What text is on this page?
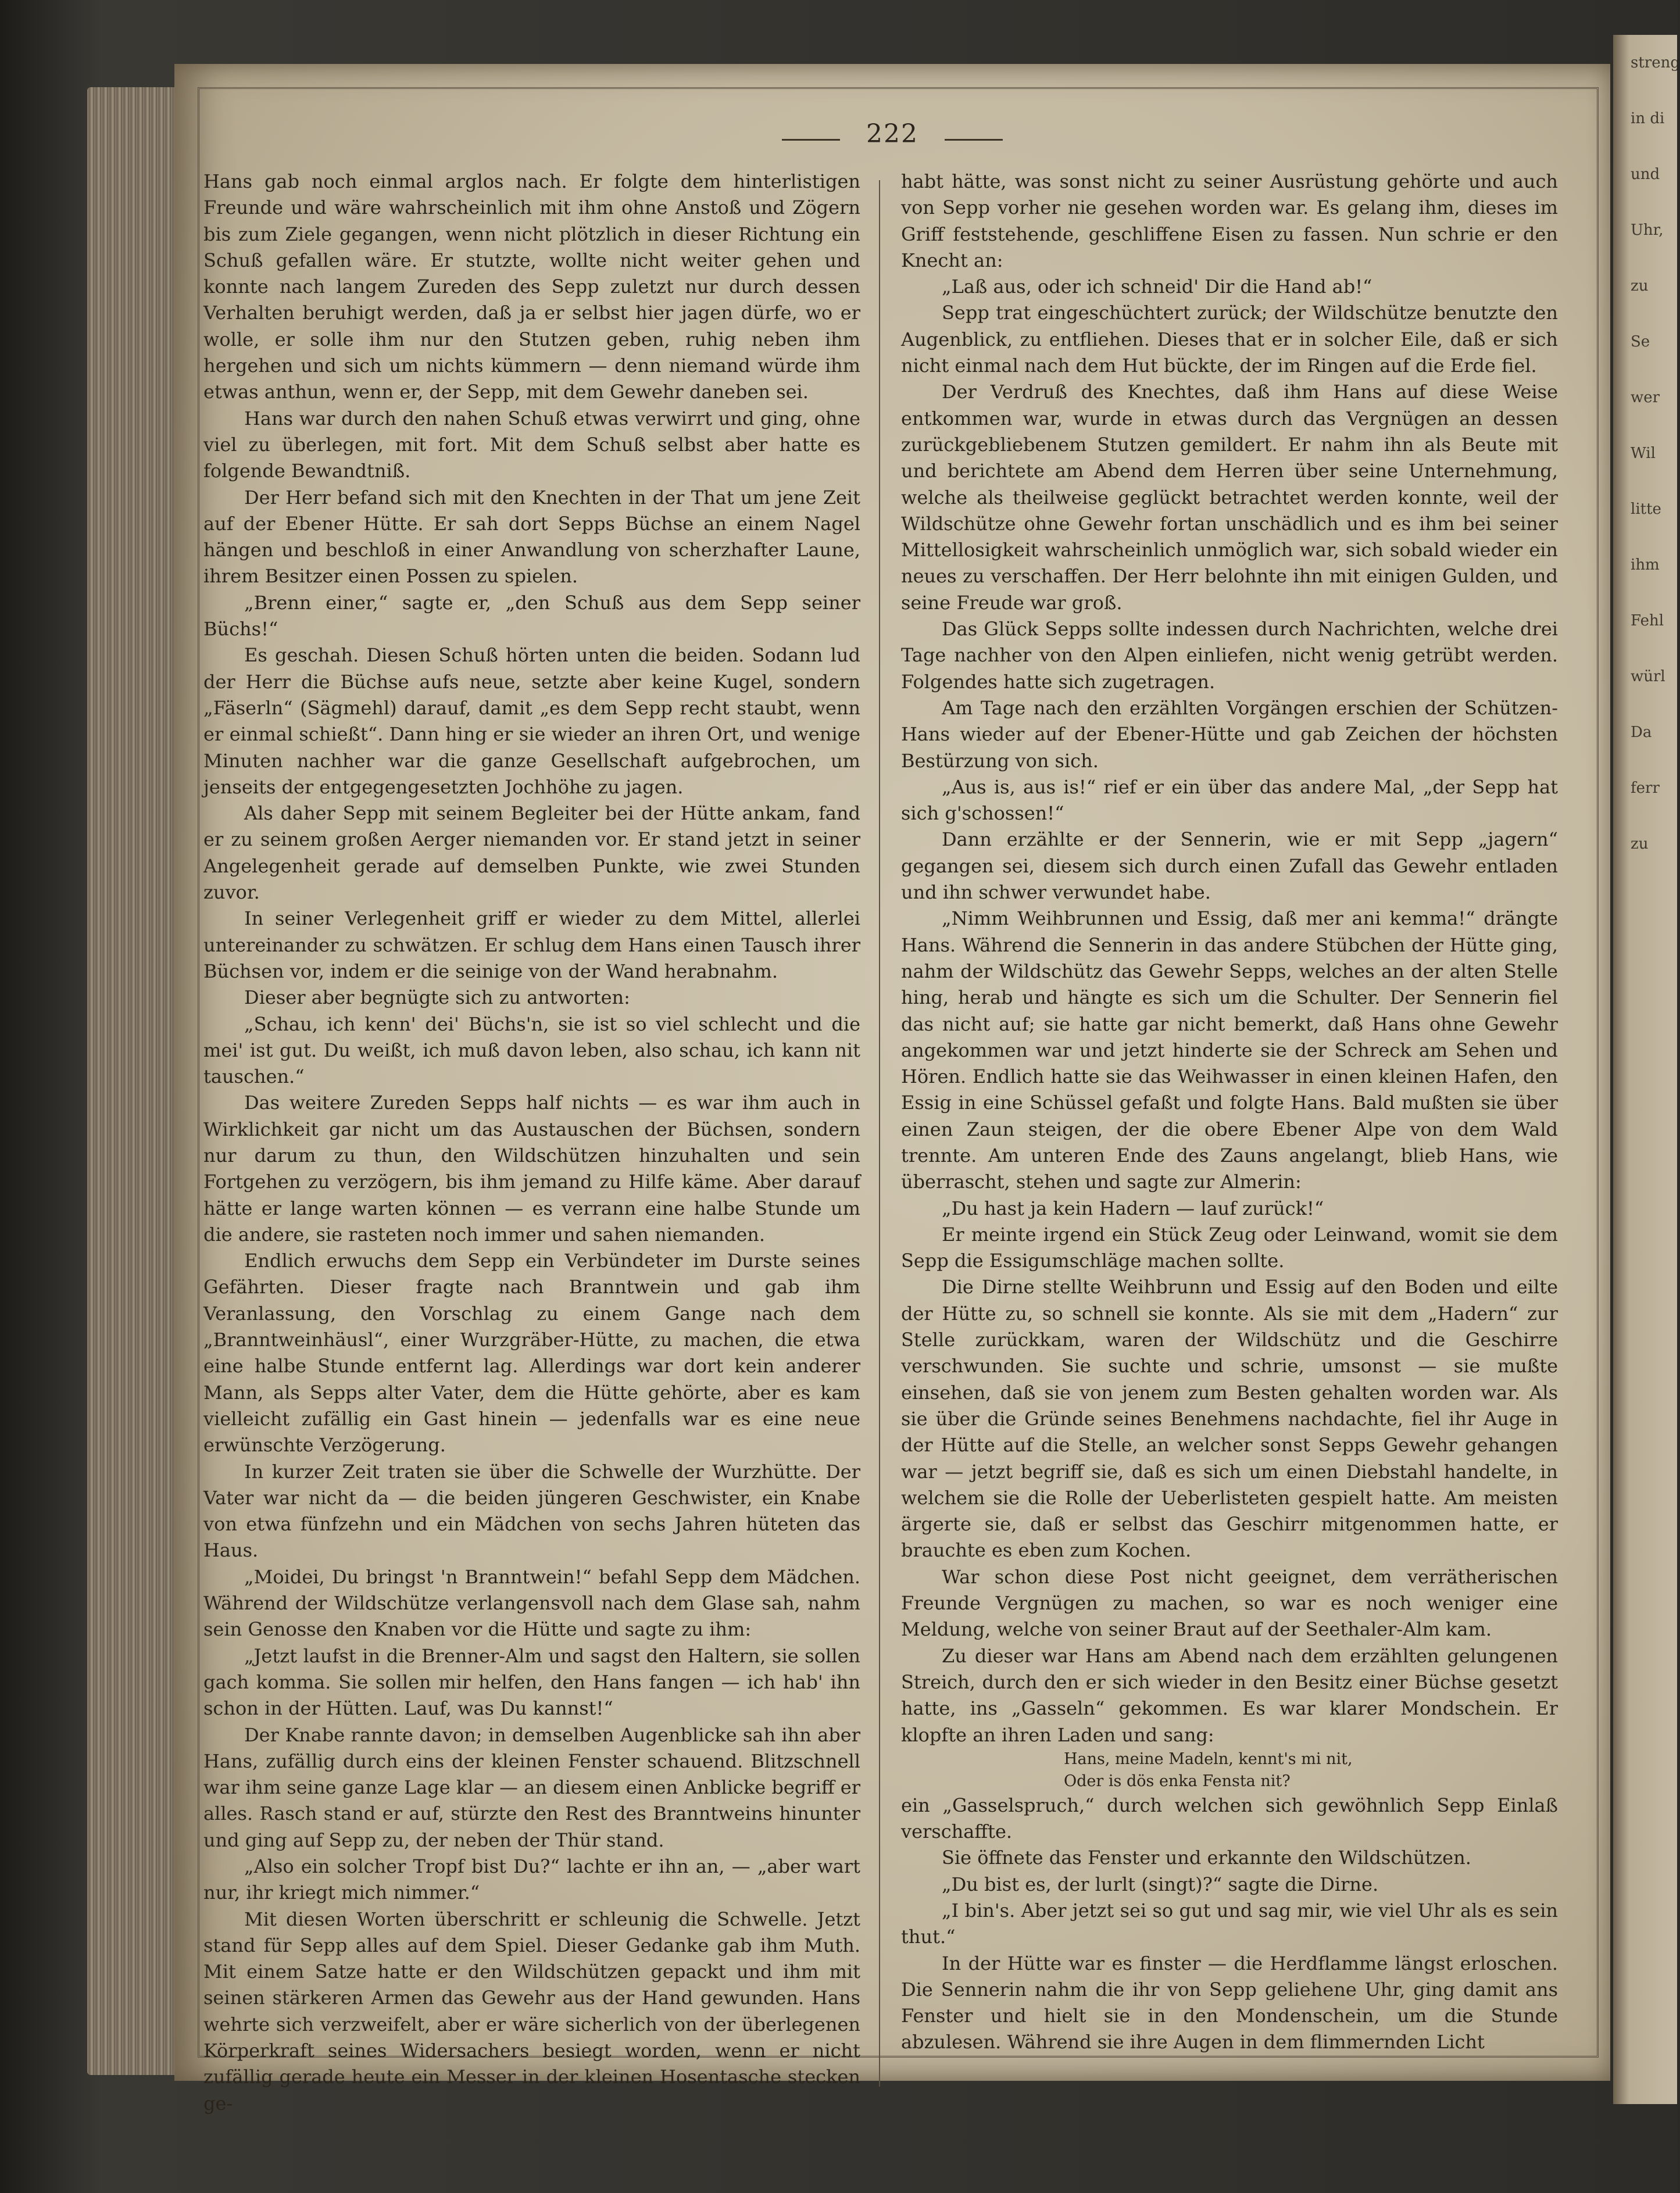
222

Hans gab noch einmal arglos nach. Er folgte dem hinterlistigen Freunde und wäre wahrscheinlich mit ihm ohne Anstoß und Zögern bis zum Ziele gegangen, wenn nicht plötzlich in dieser Richtung ein Schuß gefallen wäre. Er stutzte, wollte nicht weiter gehen und konnte nach langem Zureden des Sepp zuletzt nur durch dessen Verhalten beruhigt werden, daß ja er selbst hier jagen dürfe, wo er wolle, er solle ihm nur den Stutzen geben, ruhig neben ihm hergehen und sich um nichts kümmern — denn niemand würde ihm etwas anthun, wenn er, der Sepp, mit dem Gewehr daneben sei.

Hans war durch den nahen Schuß etwas verwirrt und ging, ohne viel zu überlegen, mit fort. Mit dem Schuß selbst aber hatte es folgende Bewandtniß.

Der Herr befand sich mit den Knechten in der That um jene Zeit auf der Ebener Hütte. Er sah dort Sepps Büchse an einem Nagel hängen und beschloß in einer Anwandlung von scherzhafter Laune, ihrem Besitzer einen Possen zu spielen.

„Brenn einer,“ sagte er, „den Schuß aus dem Sepp seiner Büchs!“

Es geschah. Diesen Schuß hörten unten die beiden. Sodann lud der Herr die Büchse aufs neue, setzte aber keine Kugel, sondern „Fäserln“ (Sägmehl) darauf, damit „es dem Sepp recht staubt, wenn er einmal schießt“. Dann hing er sie wieder an ihren Ort, und wenige Minuten nachher war die ganze Gesellschaft aufgebrochen, um jenseits der entgegengesetzten Jochhöhe zu jagen.

Als daher Sepp mit seinem Begleiter bei der Hütte ankam, fand er zu seinem großen Aerger niemanden vor. Er stand jetzt in seiner Angelegenheit gerade auf demselben Punkte, wie zwei Stunden zuvor.

In seiner Verlegenheit griff er wieder zu dem Mittel, allerlei untereinander zu schwätzen. Er schlug dem Hans einen Tausch ihrer Büchsen vor, indem er die seinige von der Wand herabnahm.

Dieser aber begnügte sich zu antworten:

„Schau, ich kenn' dei' Büchs'n, sie ist so viel schlecht und die mei' ist gut. Du weißt, ich muß davon leben, also schau, ich kann nit tauschen.“

Das weitere Zureden Sepps half nichts — es war ihm auch in Wirklichkeit gar nicht um das Austauschen der Büchsen, sondern nur darum zu thun, den Wildschützen hinzuhalten und sein Fortgehen zu verzögern, bis ihm jemand zu Hilfe käme. Aber darauf hätte er lange warten können — es verrann eine halbe Stunde um die andere, sie rasteten noch immer und sahen niemanden.

Endlich erwuchs dem Sepp ein Verbündeter im Durste seines Gefährten. Dieser fragte nach Branntwein und gab ihm Veranlassung, den Vorschlag zu einem Gange nach dem „Branntweinhäusl“, einer Wurzgräber-Hütte, zu machen, die etwa eine halbe Stunde entfernt lag. Allerdings war dort kein anderer Mann, als Sepps alter Vater, dem die Hütte gehörte, aber es kam vielleicht zufällig ein Gast hinein — jedenfalls war es eine neue erwünschte Verzögerung.

In kurzer Zeit traten sie über die Schwelle der Wurzhütte. Der Vater war nicht da — die beiden jüngeren Geschwister, ein Knabe von etwa fünfzehn und ein Mädchen von sechs Jahren hüteten das Haus.

„Moidei, Du bringst 'n Branntwein!“ befahl Sepp dem Mädchen. Während der Wildschütze verlangensvoll nach dem Glase sah, nahm sein Genosse den Knaben vor die Hütte und sagte zu ihm:

„Jetzt laufst in die Brenner-Alm und sagst den Haltern, sie sollen gach komma. Sie sollen mir helfen, den Hans fangen — ich hab' ihn schon in der Hütten. Lauf, was Du kannst!“

Der Knabe rannte davon; in demselben Augenblicke sah ihn aber Hans, zufällig durch eins der kleinen Fenster schauend. Blitzschnell war ihm seine ganze Lage klar — an diesem einen Anblicke begriff er alles. Rasch stand er auf, stürzte den Rest des Branntweins hinunter und ging auf Sepp zu, der neben der Thür stand.

„Also ein solcher Tropf bist Du?“ lachte er ihn an, — „aber wart nur, ihr kriegt mich nimmer.“

Mit diesen Worten überschritt er schleunig die Schwelle. Jetzt stand für Sepp alles auf dem Spiel. Dieser Gedanke gab ihm Muth. Mit einem Satze hatte er den Wildschützen gepackt und ihm mit seinen stärkeren Armen das Gewehr aus der Hand gewunden. Hans wehrte sich verzweifelt, aber er wäre sicherlich von der überlegenen Körperkraft seines Widersachers besiegt worden, wenn er nicht zufällig gerade heute ein Messer in der kleinen Hosentasche stecken ge-

habt hätte, was sonst nicht zu seiner Ausrüstung gehörte und auch von Sepp vorher nie gesehen worden war. Es gelang ihm, dieses im Griff feststehende, geschliffene Eisen zu fassen. Nun schrie er den Knecht an:

„Laß aus, oder ich schneid' Dir die Hand ab!“

Sepp trat eingeschüchtert zurück; der Wildschütze benutzte den Augenblick, zu entfliehen. Dieses that er in solcher Eile, daß er sich nicht einmal nach dem Hut bückte, der im Ringen auf die Erde fiel.

Der Verdruß des Knechtes, daß ihm Hans auf diese Weise entkommen war, wurde in etwas durch das Vergnügen an dessen zurückgebliebenem Stutzen gemildert. Er nahm ihn als Beute mit und berichtete am Abend dem Herren über seine Unternehmung, welche als theilweise geglückt betrachtet werden konnte, weil der Wildschütze ohne Gewehr fortan unschädlich und es ihm bei seiner Mittellosigkeit wahrscheinlich unmöglich war, sich sobald wieder ein neues zu verschaffen. Der Herr belohnte ihn mit einigen Gulden, und seine Freude war groß.

Das Glück Sepps sollte indessen durch Nachrichten, welche drei Tage nachher von den Alpen einliefen, nicht wenig getrübt werden. Folgendes hatte sich zugetragen.

Am Tage nach den erzählten Vorgängen erschien der Schützen-Hans wieder auf der Ebener-Hütte und gab Zeichen der höchsten Bestürzung von sich.

„Aus is, aus is!“ rief er ein über das andere Mal, „der Sepp hat sich g'schossen!“

Dann erzählte er der Sennerin, wie er mit Sepp „jagern“ gegangen sei, diesem sich durch einen Zufall das Gewehr entladen und ihn schwer verwundet habe.

„Nimm Weihbrunnen und Essig, daß mer ani kemma!“ drängte Hans. Während die Sennerin in das andere Stübchen der Hütte ging, nahm der Wildschütz das Gewehr Sepps, welches an der alten Stelle hing, herab und hängte es sich um die Schulter. Der Sennerin fiel das nicht auf; sie hatte gar nicht bemerkt, daß Hans ohne Gewehr angekommen war und jetzt hinderte sie der Schreck am Sehen und Hören. Endlich hatte sie das Weihwasser in einen kleinen Hafen, den Essig in eine Schüssel gefaßt und folgte Hans. Bald mußten sie über einen Zaun steigen, der die obere Ebener Alpe von dem Wald trennte. Am unteren Ende des Zauns angelangt, blieb Hans, wie überrascht, stehen und sagte zur Almerin:

„Du hast ja kein Hadern — lauf zurück!“

Er meinte irgend ein Stück Zeug oder Leinwand, womit sie dem Sepp die Essigumschläge machen sollte.

Die Dirne stellte Weihbrunn und Essig auf den Boden und eilte der Hütte zu, so schnell sie konnte. Als sie mit dem „Hadern“ zur Stelle zurückkam, waren der Wildschütz und die Geschirre verschwunden. Sie suchte und schrie, umsonst — sie mußte einsehen, daß sie von jenem zum Besten gehalten worden war. Als sie über die Gründe seines Benehmens nachdachte, fiel ihr Auge in der Hütte auf die Stelle, an welcher sonst Sepps Gewehr gehangen war — jetzt begriff sie, daß es sich um einen Diebstahl handelte, in welchem sie die Rolle der Ueberlisteten gespielt hatte. Am meisten ärgerte sie, daß er selbst das Geschirr mitgenommen hatte, er brauchte es eben zum Kochen.

War schon diese Post nicht geeignet, dem verrätherischen Freunde Vergnügen zu machen, so war es noch weniger eine Meldung, welche von seiner Braut auf der Seethaler-Alm kam.

Zu dieser war Hans am Abend nach dem erzählten gelungenen Streich, durch den er sich wieder in den Besitz einer Büchse gesetzt hatte, ins „Gasseln“ gekommen. Es war klarer Mondschein. Er klopfte an ihren Laden und sang:

Hans, meine Madeln, kennt's mi nit,
Oder is dös enka Fensta nit?

ein „Gasselspruch,“ durch welchen sich gewöhnlich Sepp Einlaß verschaffte.

Sie öffnete das Fenster und erkannte den Wildschützen.

„Du bist es, der lurlt (singt)?“ sagte die Dirne.

„I bin's. Aber jetzt sei so gut und sag mir, wie viel Uhr als es sein thut.“

In der Hütte war es finster — die Herdflamme längst erloschen. Die Sennerin nahm die ihr von Sepp geliehene Uhr, ging damit ans Fenster und hielt sie in den Mondenschein, um die Stunde abzulesen. Während sie ihre Augen in dem flimmernden Licht

streng
in di
und
Uhr,
zu
Se
wer
Wil
litte
ihm
Fehl
würl
Da
ferr
zu
